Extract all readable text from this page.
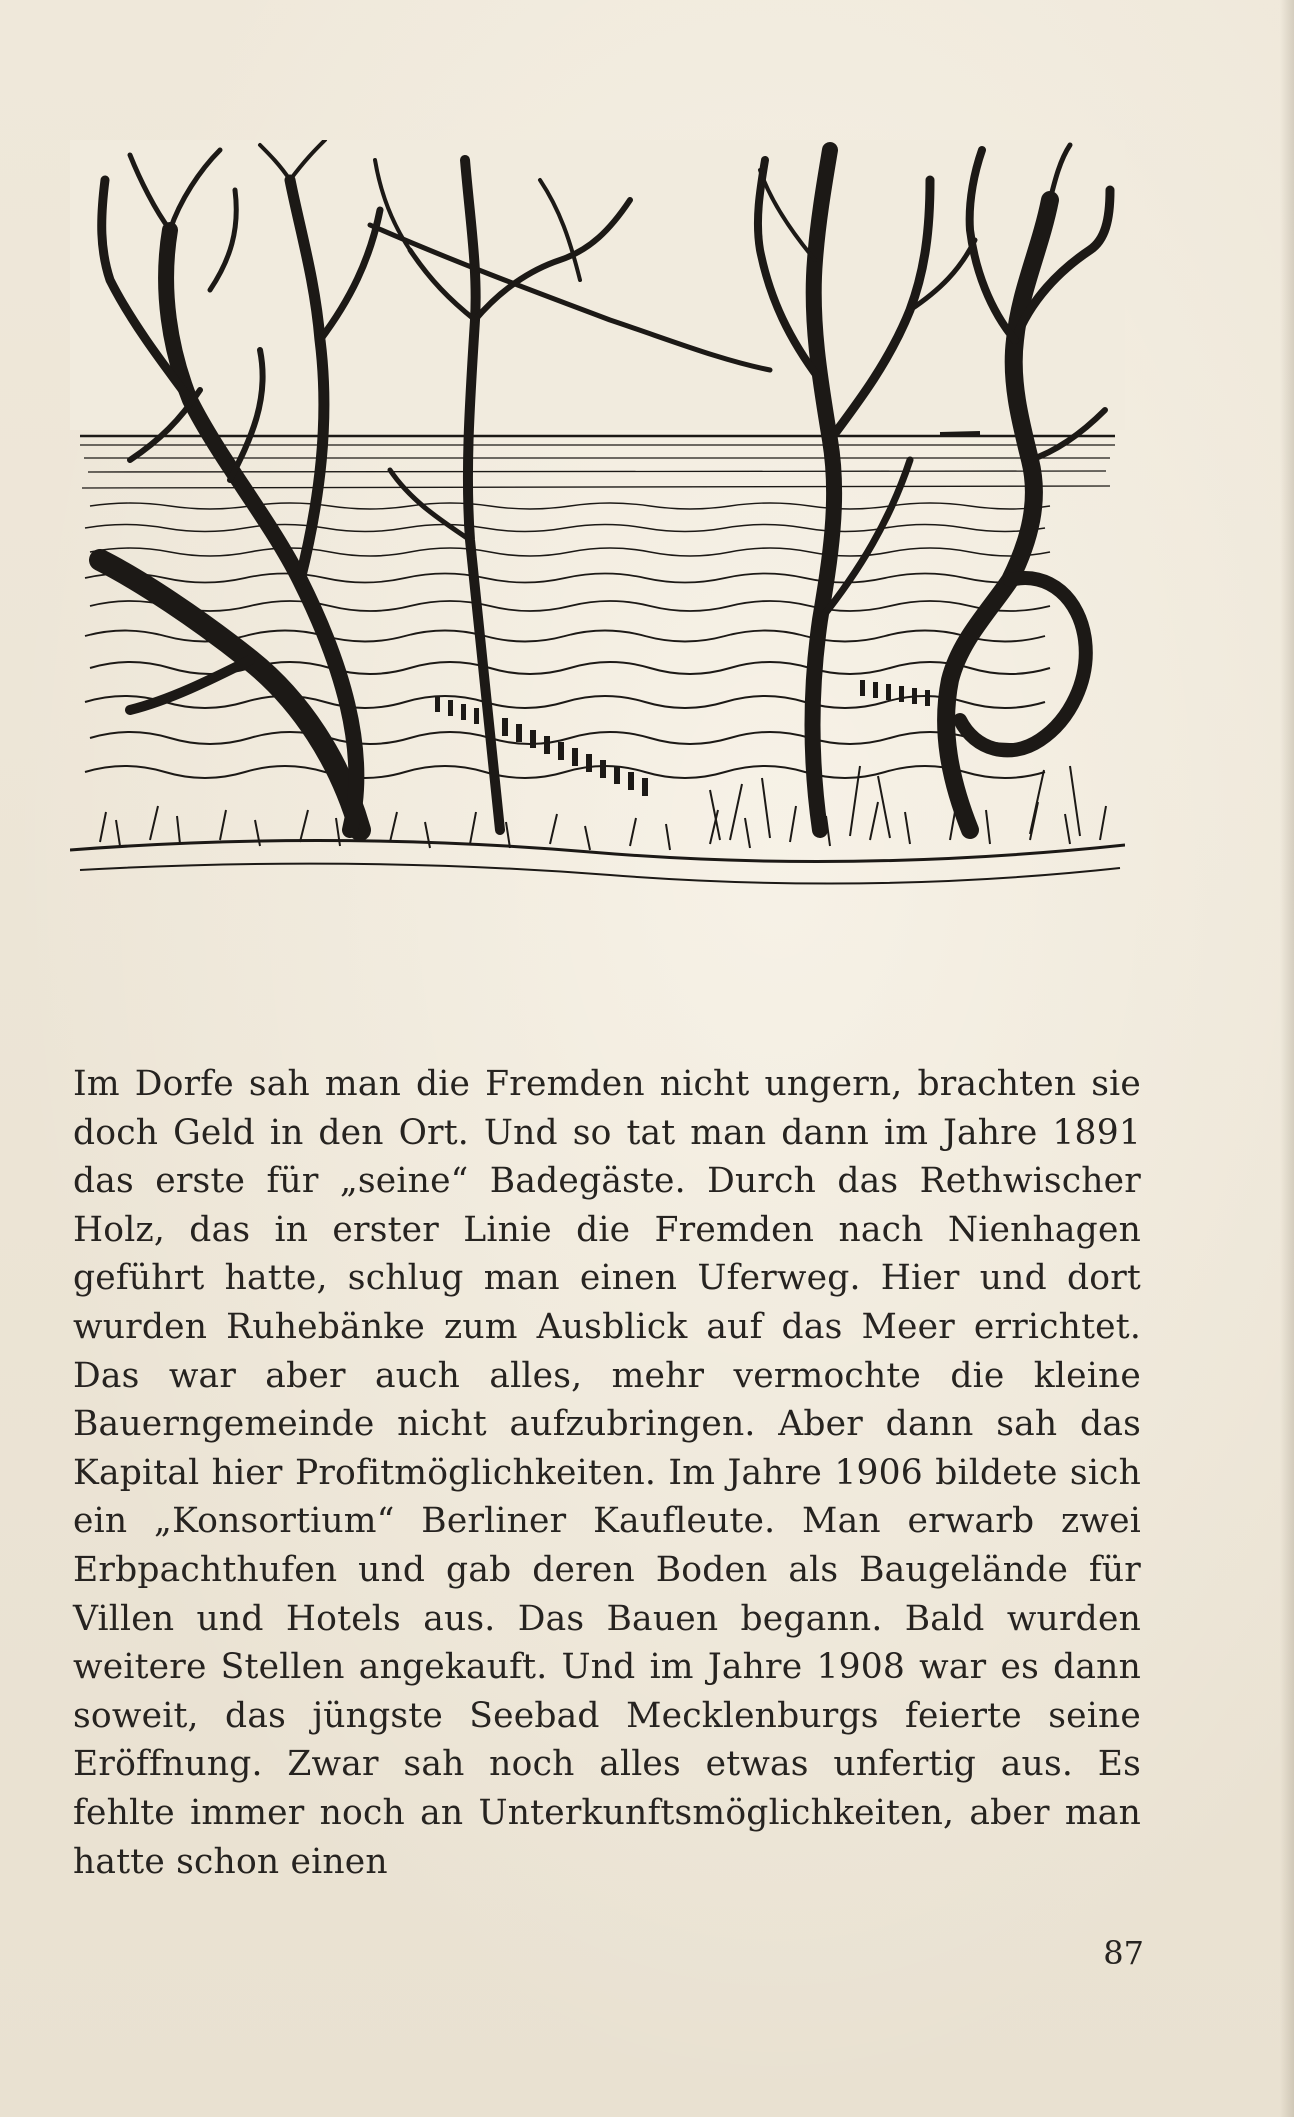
Im Dorfe sah man die Fremden nicht ungern, brachten sie doch Geld in den Ort. Und so tat man dann im Jahre 1891 das erste für „seine“ Badegäste. Durch das Rethwischer Holz, das in erster Linie die Fremden nach Nienhagen geführt hatte, schlug man einen Uferweg. Hier und dort wurden Ruhebänke zum Ausblick auf das Meer errichtet. Das war aber auch alles, mehr vermochte die kleine Bauerngemeinde nicht aufzubringen. Aber dann sah das Kapital hier Profitmöglichkeiten. Im Jahre 1906 bildete sich ein „Konsortium“ Berliner Kaufleute. Man erwarb zwei Erbpachthufen und gab deren Boden als Baugelände für Villen und Hotels aus. Das Bauen begann. Bald wurden weitere Stellen angekauft. Und im Jahre 1908 war es dann soweit, das jüngste Seebad Mecklenburgs feierte seine Eröffnung. Zwar sah noch alles etwas unfertig aus. Es fehlte immer noch an Unterkunftsmöglichkeiten, aber man hatte schon einen

87
